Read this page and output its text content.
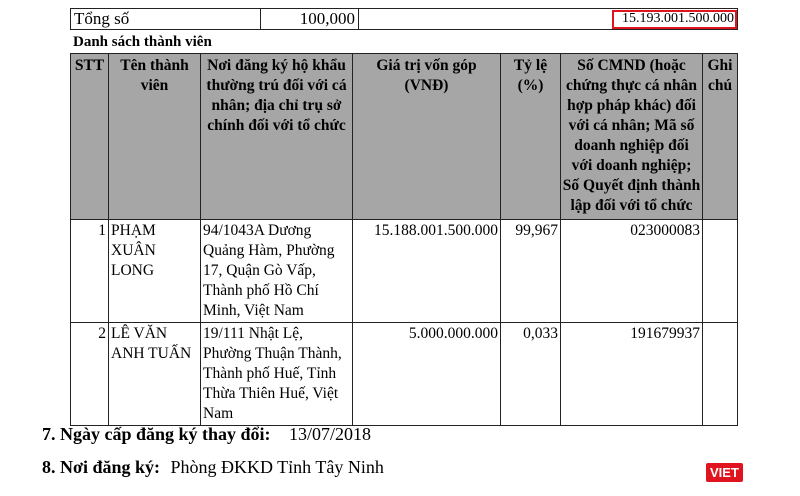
Tổng số	100,000		15.193.001.500.000
Danh sách thành viên
STT	Tên thành viên	Nơi đăng ký hộ khẩu thường trú đối với cá nhân; địa chỉ trụ sở chính đối với tổ chức	Giá trị vốn góp (VNĐ)	Tỷ lệ (%)	Số CMND (hoặc chứng thực cá nhân hợp pháp khác) đối với cá nhân; Mã số doanh nghiệp đối với doanh nghiệp; Số Quyết định thành lập đối với tổ chức	Ghi chú
1	PHẠM XUÂN LONG	94/1043A Dương Quảng Hàm, Phường 17, Quận Gò Vấp, Thành phố Hồ Chí Minh, Việt Nam	15.188.001.500.000	99,967	023000083	
2	LÊ VĂN ANH TUẤN	19/111 Nhật Lệ, Phường Thuận Thành, Thành phố Huế, Tỉnh Thừa Thiên Huế, Việt Nam	5.000.000.000	0,033	191679937	
7. Ngày cấp đăng ký thay đổi: 13/07/2018
8. Nơi đăng ký: Phòng ĐKKD Tỉnh Tây Ninh	VIET
